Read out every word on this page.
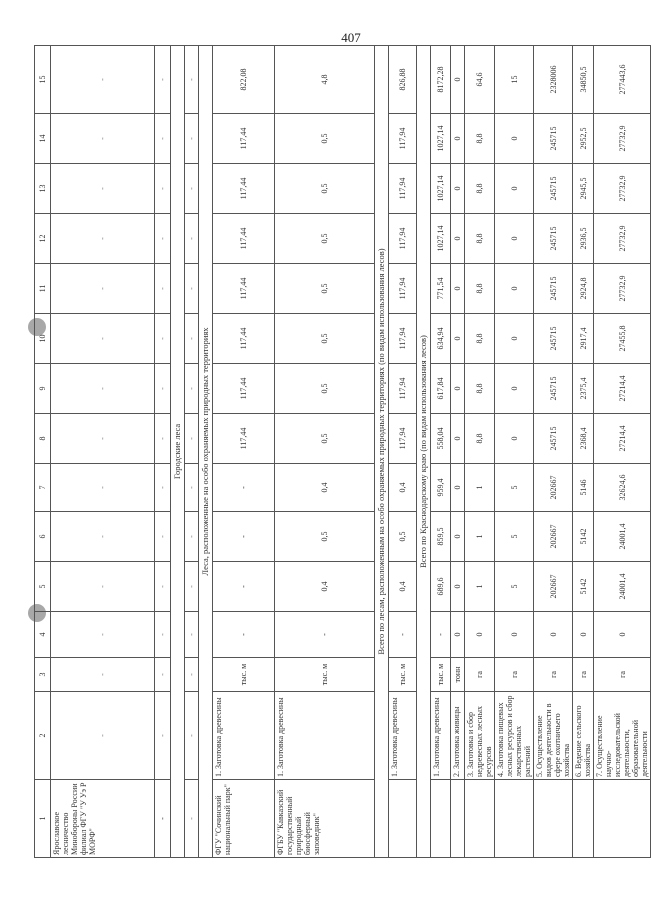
407
1	2	3	4	5	6	7	8	9	10	11	12	13	14	15
Ярославское лесничество Минобороны России филиал ФГУ "У Уэ Р МОРФ"	-	-	-	-	-	-	-	-	-	-	-	-	-	-
-	-	-	-	-	-	-	-	-	-	-	-	-	-	-
Городские леса														
-	-	-	-	-	-	-	-	-	-	-	-	-	-	-
Леса, расположенные на особо охраняемых природных территориях														
ФГУ "Сочинский национальный парк"	1. Заготовка древесины	тыс. м	-	-	-	-	117,44	117,44	117,44	117,44	117,44	117,44	117,44	822,08
ФГБУ "Кавказский государственный природный биосферный заповедник"	1. Заготовка древесины	тыс. м	-	0,4	0,5	0,4	0,5	0,5	0,5	0,5	0,5	0,5	0,5	4,8
Всего по лесам, расположенным на особо охраняемых природных территориях (по видам использования лесов)														
	1. Заготовка древесины	тыс. м	-	0,4	0,5	0,4	117,94	117,94	117,94	117,94	117,94	117,94	117,94	826,88
Всего по Краснодарскому краю (по видам использования лесов)														
	1. Заготовка древесины	тыс. м	-	689,6	859,5	959,4	558,04	617,84	634,94	771,54	1027,14	1027,14	1027,14	8172,28
	2. Заготовка живицы	тонн	0	0	0	0	0	0	0	0	0	0	0	0
	3. Заготовка и сбор недревесных лесных ресурсов	га	0	1	1	1	8,8	8,8	8,8	8,8	8,8	8,8	8,8	64,6
	4. Заготовка пищевых лесных ресурсов и сбор лекарственных растений	га	0	5	5	5	0	0	0	0	0	0	0	15
	5. Осуществление видов деятельности в сфере охотничьего хозяйства	га	0	202667	202667	202667	245715	245715	245715	245715	245715	245715	245715	2328006
	6. Ведение сельского хозяйства	га	0	5142	5142	5146	2368,4	2375,4	2917,4	2924,8	2936,5	2945,5	2952,5	34850,5
	7. Осуществление научно-исследовательской деятельности, образовательной деятельности	га	0	24001,4	24001,4	32624,6	27214,4	27214,4	27455,8	27732,9	27732,9	27732,9	27732,9	277443,6
